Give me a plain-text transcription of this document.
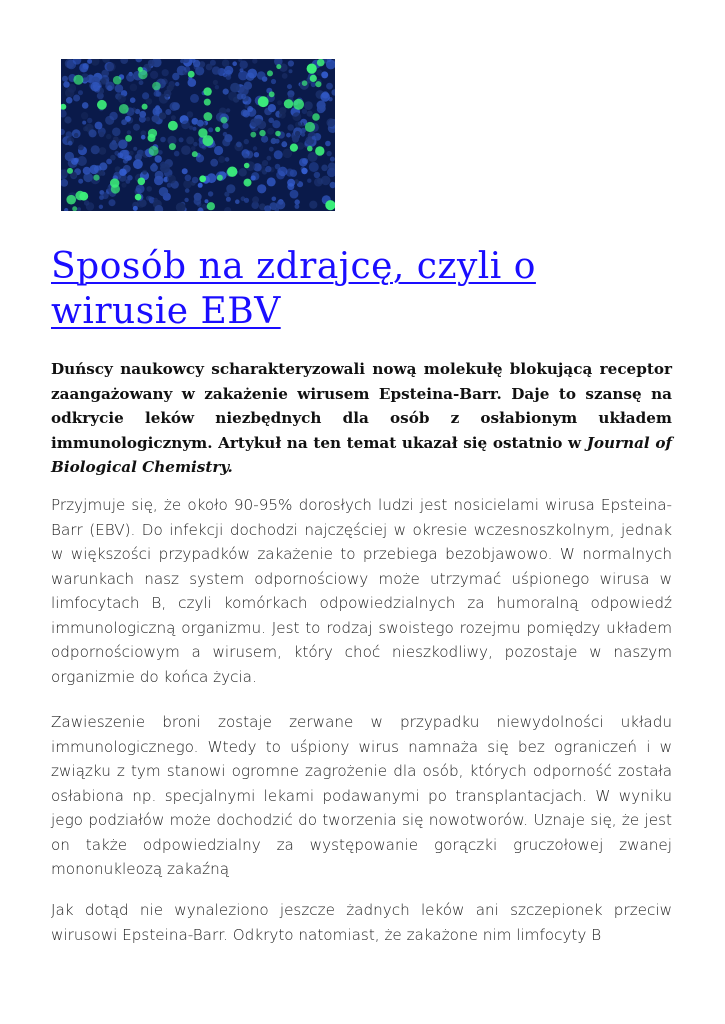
Sposób na zdrajcę, czyli o wirusie EBV

Duńscy naukowcy scharakteryzowali nową molekułę blokującą receptor zaangażowany w zakażenie wirusem Epsteina-Barr. Daje to szansę na odkrycie leków niezbędnych dla osób z osłabionym układem immunologicznym. Artykuł na ten temat ukazał się ostatnio w Journal of Biological Chemistry.

Przyjmuje się, że około 90-95% dorosłych ludzi jest nosicielami wirusa Epsteina-Barr (EBV). Do infekcji dochodzi najczęściej w okresie wczesnoszkolnym, jednak w większości przypadków zakażenie to przebiega bezobjawowo. W normalnych warunkach nasz system odpornościowy może utrzymać uśpionego wirusa w limfocytach B, czyli komórkach odpowiedzialnych za humoralną odpowiedź immunologiczną organizmu. Jest to rodzaj swoistego rozejmu pomiędzy układem odpornościowym a wirusem, który choć nieszkodliwy, pozostaje w naszym organizmie do końca życia.

Zawieszenie broni zostaje zerwane w przypadku niewydolności układu immunologicznego. Wtedy to uśpiony wirus namnaża się bez ograniczeń i w związku z tym stanowi ogromne zagrożenie dla osób, których odporność została osłabiona np. specjalnymi lekami podawanymi po transplantacjach. W wyniku jego podziałów może dochodzić do tworzenia się nowotworów. Uznaje się, że jest on także odpowiedzialny za występowanie gorączki gruczołowej zwanej mononukleozą zakaźną

Jak dotąd nie wynaleziono jeszcze żadnych leków ani szczepionek przeciw wirusowi Epsteina-Barr. Odkryto natomiast, że zakażone nim limfocyty B
